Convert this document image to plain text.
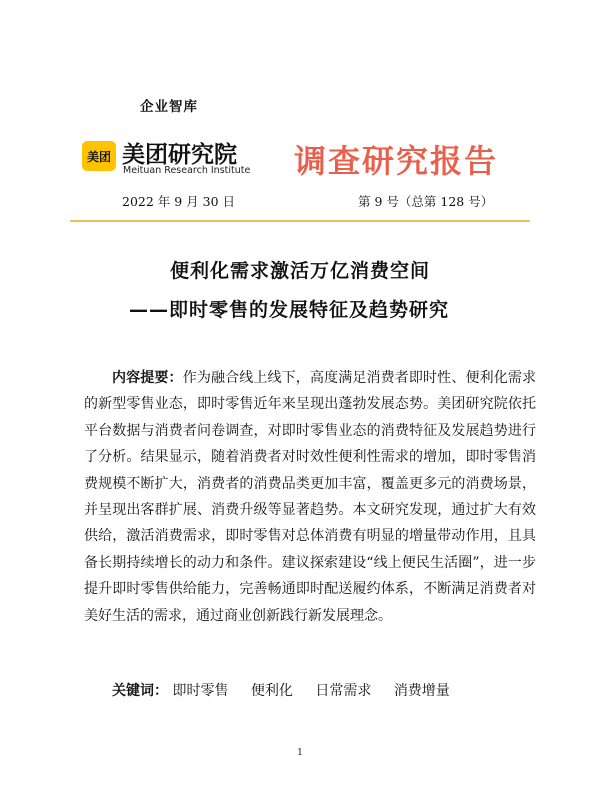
企业智库
美团 美团研究院
Meituan Research Institute 调查研究报告
2022 年 9 月 30 日	第 9 号（总第 128 号）
便利化需求激活万亿消费空间
——即时零售的发展特征及趋势研究

内容提要：作为融合线上线下，高度满足消费者即时性、便利化需求的新型零售业态，即时零售近年来呈现出蓬勃发展态势。美团研究院依托平台数据与消费者问卷调查，对即时零售业态的消费特征及发展趋势进行了分析。结果显示，随着消费者对时效性便利性需求的增加，即时零售消费规模不断扩大，消费者的消费品类更加丰富，覆盖更多元的消费场景，并呈现出客群扩展、消费升级等显著趋势。本文研究发现，通过扩大有效供给，激活消费需求，即时零售对总体消费有明显的增量带动作用，且具备长期持续增长的动力和条件。建议探索建设“线上便民生活圈”，进一步提升即时零售供给能力，完善畅通即时配送履约体系，不断满足消费者对美好生活的需求，通过商业创新践行新发展理念。

关键词： 即时零售 便利化 日常需求 消费增量
1
